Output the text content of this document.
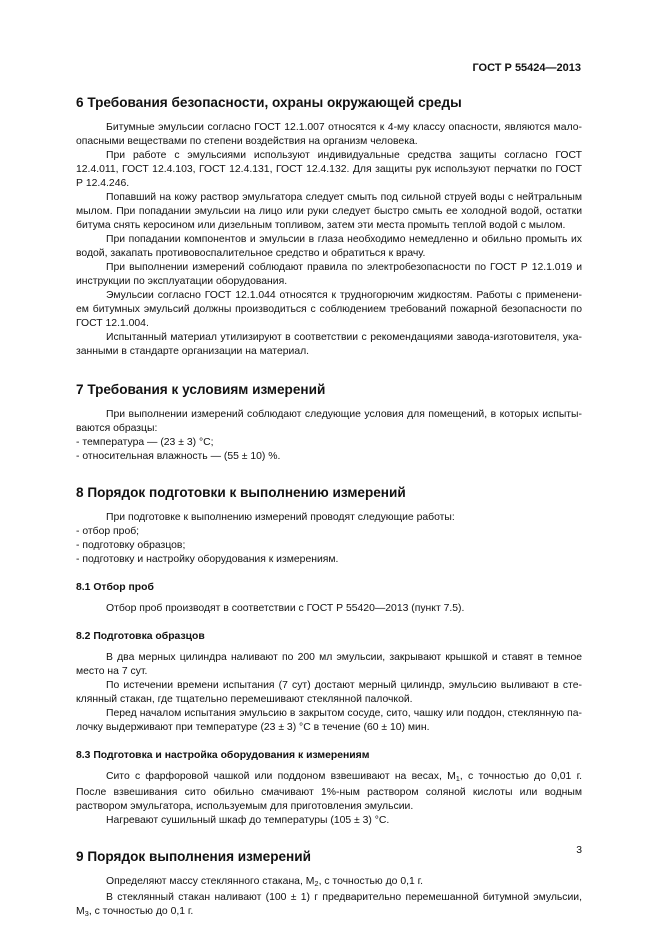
ГОСТ Р 55424—2013
6 Требования безопасности, охраны окружающей среды

Битумные эмульсии согласно ГОСТ 12.1.007 относятся к 4-му классу опасности, являются мало-опасными веществами по степени воздействия на организм человека.

При работе с эмульсиями используют индивидуальные средства защиты согласно ГОСТ 12.4.011, ГОСТ 12.4.103, ГОСТ 12.4.131, ГОСТ 12.4.132. Для защиты рук используют перчатки по ГОСТ Р 12.4.246.

Попавший на кожу раствор эмульгатора следует смыть под сильной струей воды с нейтральным мылом. При попадании эмульсии на лицо или руки следует быстро смыть ее холодной водой, остатки битума снять керосином или дизельным топливом, затем эти места промыть теплой водой с мылом.

При попадании компонентов и эмульсии в глаза необходимо немедленно и обильно промыть их водой, закапать противовоспалительное средство и обратиться к врачу.

При выполнении измерений соблюдают правила по электробезопасности по ГОСТ Р 12.1.019 и инструкции по эксплуатации оборудования.

Эмульсии согласно ГОСТ 12.1.044 относятся к трудногорючим жидкостям. Работы с применени-ем битумных эмульсий должны производиться с соблюдением требований пожарной безопасности по ГОСТ 12.1.004.

Испытанный материал утилизируют в соответствии с рекомендациями завода-изготовителя, ука-занными в стандарте организации на материал.

7 Требования к условиям измерений

При выполнении измерений соблюдают следующие условия для помещений, в которых испыты-ваются образцы:

- температура — (23 ± 3) °С;

- относительная влажность — (55 ± 10) %.

8 Порядок подготовки к выполнению измерений

При подготовке к выполнению измерений проводят следующие работы:

- отбор проб;

- подготовку образцов;

- подготовку и настройку оборудования к измерениям.

8.1 Отбор проб

Отбор проб производят в соответствии с ГОСТ Р 55420—2013 (пункт 7.5).

8.2 Подготовка образцов

В два мерных цилиндра наливают по 200 мл эмульсии, закрывают крышкой и ставят в темное место на 7 сут.

По истечении времени испытания (7 сут) достают мерный цилиндр, эмульсию выливают в сте-клянный стакан, где тщательно перемешивают стеклянной палочкой.

Перед началом испытания эмульсию в закрытом сосуде, сито, чашку или поддон, стеклянную па-лочку выдерживают при температуре (23 ± 3) °С в течение (60 ± 10) мин.

8.3 Подготовка и настройка оборудования к измерениям

Сито с фарфоровой чашкой или поддоном взвешивают на весах, $М_1$, с точностью до 0,01 г. После взвешивания сито обильно смачивают 1%-ным раствором соляной кислоты или водным раствором эмульгатора, используемым для приготовления эмульсии.

Нагревают сушильный шкаф до температуры (105 ± 3) °С.

9 Порядок выполнения измерений

Определяют массу стеклянного стакана, $М_2$, с точностью до 0,1 г.

В стеклянный стакан наливают (100 ± 1) г предварительно перемешанной битумной эмульсии, $М_3$, с точностью до 0,1 г.

3
